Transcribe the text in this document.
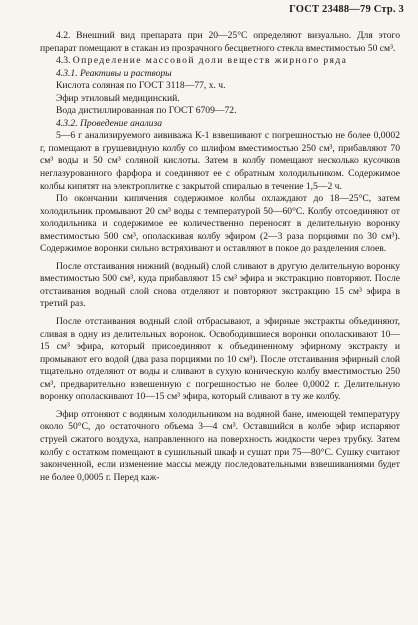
ГОСТ 23488—79 Стр. 3

4.2. Внешний вид препарата при 20—25°С определяют визуально. Для этого препарат помещают в стакан из прозрачного бесцветного стекла вместимостью 50 см³.

4.3. Определение массовой доли веществ жирного ряда

4.3.1. Реактивы и растворы

Кислота соляная по ГОСТ 3118—77, х. ч.

Эфир этиловый медицинский.

Вода дистиллированная по ГОСТ 6709—72.

4.3.2. Проведение анализа

5—6 г анализируемого аививажа К-1 взвешивают с погрешностью не более 0,0002 г, помещают в грушевидную колбу со шлифом вместимостью 250 см³, прибавляют 70 см³ воды и 50 см³ соляной кислоты. Затем в колбу помещают несколько кусочков неглазурованного фарфора и соединяют ее с обратным холодильником. Содержимое колбы кипятят на электроплитке с закрытой спиралью в течение 1,5—2 ч.

По окончании кипячения содержимое колбы охлаждают до 18—25°С, затем холодильник промывают 20 см³ воды с температурой 50—60°С. Колбу отсоединяют от холодильника и содержимое ее количественно переносят в делительную воронку вместимостью 500 см³, ополаскивая колбу эфиром (2—3 раза порциями по 30 см³). Содержимое воронки сильно встряхивают и оставляют в покое до разделения слоев.

После отстаивания нижний (водный) слой сливают в другую делительную воронку вместимостью 500 см³, куда прибавляют 15 см³ эфира и экстракцию повторяют. После отстаивания водный слой снова отделяют и повторяют экстракцию 15 см³ эфира в третий раз.

После отстаивания водный слой отбрасывают, а эфирные экстракты объединяют, сливая в одну из делительных воронок. Освободившиеся воронки ополаскивают 10—15 см³ эфира, который присоединяют к объединенному эфирному экстракту и промывают его водой (два раза порциями по 10 см³). После отстаивания эфирный слой тщательно отделяют от воды и сливают в сухую коническую колбу вместимостью 250 см³, предварительно взвешенную с погрешностью не более 0,0002 г. Делительную воронку ополаскивают 10—15 см³ эфира, который сливают в ту же колбу.

Эфир отгоняют с водяным холодильником на водяной бане, имеющей температуру около 50°С, до остаточного объема 3—4 см³. Оставшийся в колбе эфир испаряют струей сжатого воздуха, направленного на поверхность жидкости через трубку. Затем колбу с остатком помещают в сушильный шкаф и сушат при 75—80°С. Сушку считают законченной, если изменение массы между последовательными взвешиваниями будет не более 0,0005 г. Перед каж-
